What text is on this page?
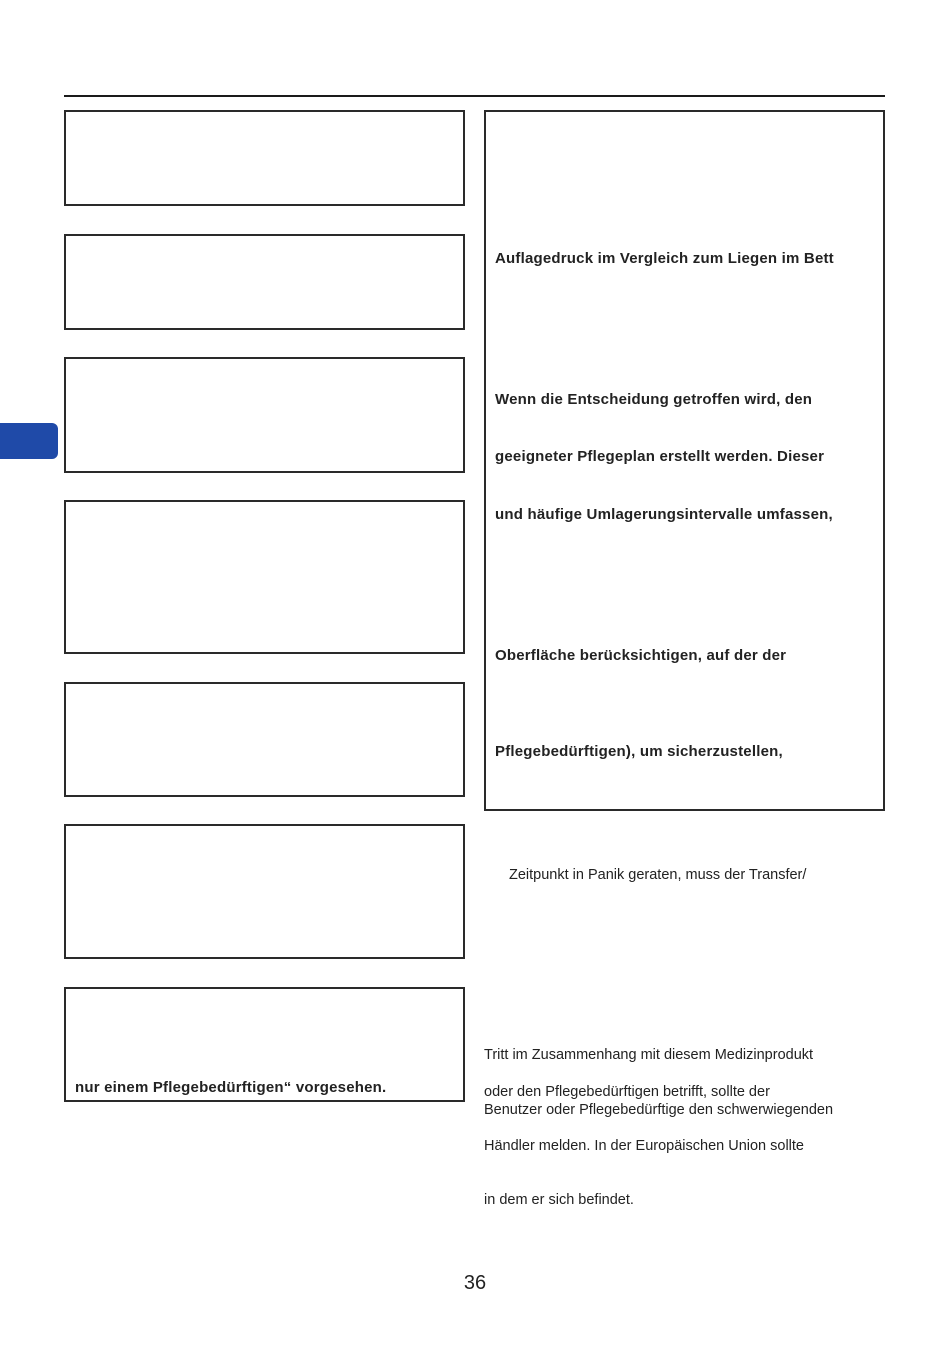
nur einem Pflegebedürftigen“ vorgesehen.
Auflagedruck im Vergleich zum Liegen im Bett
Wenn die Entscheidung getroffen wird, den
geeigneter Pflegeplan erstellt werden. Dieser
und häufige Umlagerungsintervalle umfassen,
Oberfläche berücksichtigen, auf der der
Pflegebedürftigen), um sicherzustellen,
Zeitpunkt in Panik geraten, muss der Transfer/
Tritt im Zusammenhang mit diesem Medizinprodukt
oder den Pflegebedürftigen betrifft, sollte der
Benutzer oder Pflegebedürftige den schwerwiegenden
Händler melden. In der Europäischen Union sollte
in dem er sich befindet.
36
